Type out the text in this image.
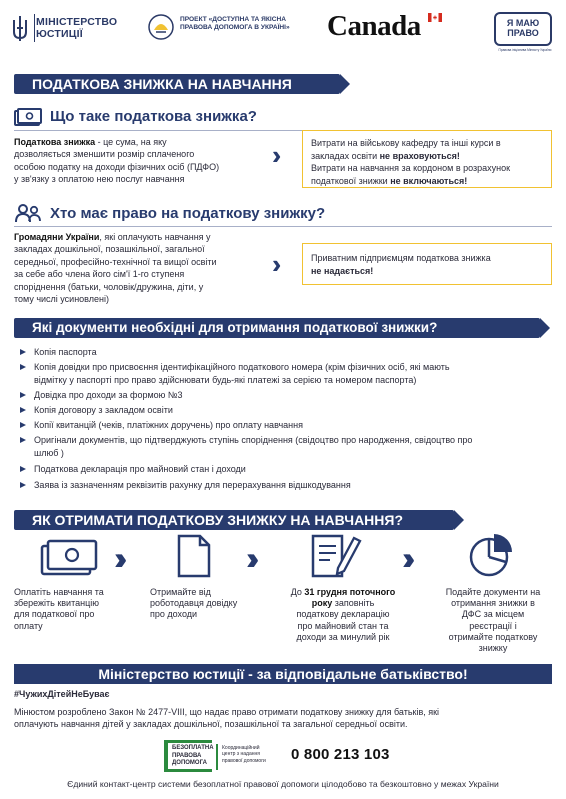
МІНІСТЕРСТВО
ЮСТИЦІЇ
ПРОЕКТ «ДОСТУПНА ТА ЯКІСНА
ПРАВОВА ДОПОМОГА В УКРАЇНІ»	Canada	Я МАЮ
ПРАВО
Правова ініціатива Мінюсту України
ПОДАТКОВА ЗНИЖКА НА НАВЧАННЯ
Що таке податкова знижка?
Податкова знижка - це сума, на яку
дозволяється зменшити розмір сплаченого
особою податку на доходи фізичних осіб (ПДФО)
у зв'язку з оплатою нею послуг навчання
››	Витрати на військову кафедру та інші курси в
закладах освіти не враховуються!
Витрати на навчання за кордоном в розрахунок
податкової знижки не включаються!
Хто має право на податкову знижку?
Громадяни України, які оплачують навчання у
закладах дошкільної, позашкільної, загальної
середньої, професійно-технічної та вищої освіти
за себе або члена його сім'ї 1-го ступеня
споріднення (батьки, чоловік/дружина, діти, у
тому числі усиновлені)
››	Приватним підприємцям податкова знижка
не надається!
Які документи необхідні для отримання податкової знижки?
Копія паспорта
Копія довідки про присвоєння ідентифікаційного податкового номера (крім фізичних осіб, які мають
відмітку у паспорті про право здійснювати будь-які платежі за серією та номером паспорта)
Довідка про доходи за формою №3
Копія договору з закладом освіти
Копії квитанцій (чеків, платіжних доручень) про оплату навчання
Оригінали документів, що підтверджують ступінь споріднення (свідоцтво про народження, свідоцтво про
шлюб )
Податкова декларація про майновий стан і доходи
Заява із зазначенням реквізитів рахунку для перерахування відшкодування
ЯК ОТРИМАТИ ПОДАТКОВУ ЗНИЖКУ НА НАВЧАННЯ?
››	››	››
Оплатіть навчання та
збережіть квитанцію
для податкової про
оплату
Отримайте від
роботодавця довідку
про доходи
До 31 грудня поточного
року заповніть
податкову декларацію
про майновий стан та
доходи за минулий рік
Подайте документи на
отримання знижки в
ДФС за місцем
реєстрації і
отримайте податкову
знижку
Міністерство юстиції - за відповідальне батьківство!
#ЧужихДітейНеБуває
Мінюстом розроблено Закон № 2477-VIII, що надає право отримати податкову знижку для батьків, які
оплачують навчання дітей у закладах дошкільної, позашкільної та загальної середньої освіти.
БЕЗОПЛАТНА
ПРАВОВА
ДОПОМОГА
Координаційний
центр з надання
правової допомоги 0 800 213 103
Єдиний контакт-центр системи безоплатної правової допомоги цілодобово та безкоштовно у межах України
